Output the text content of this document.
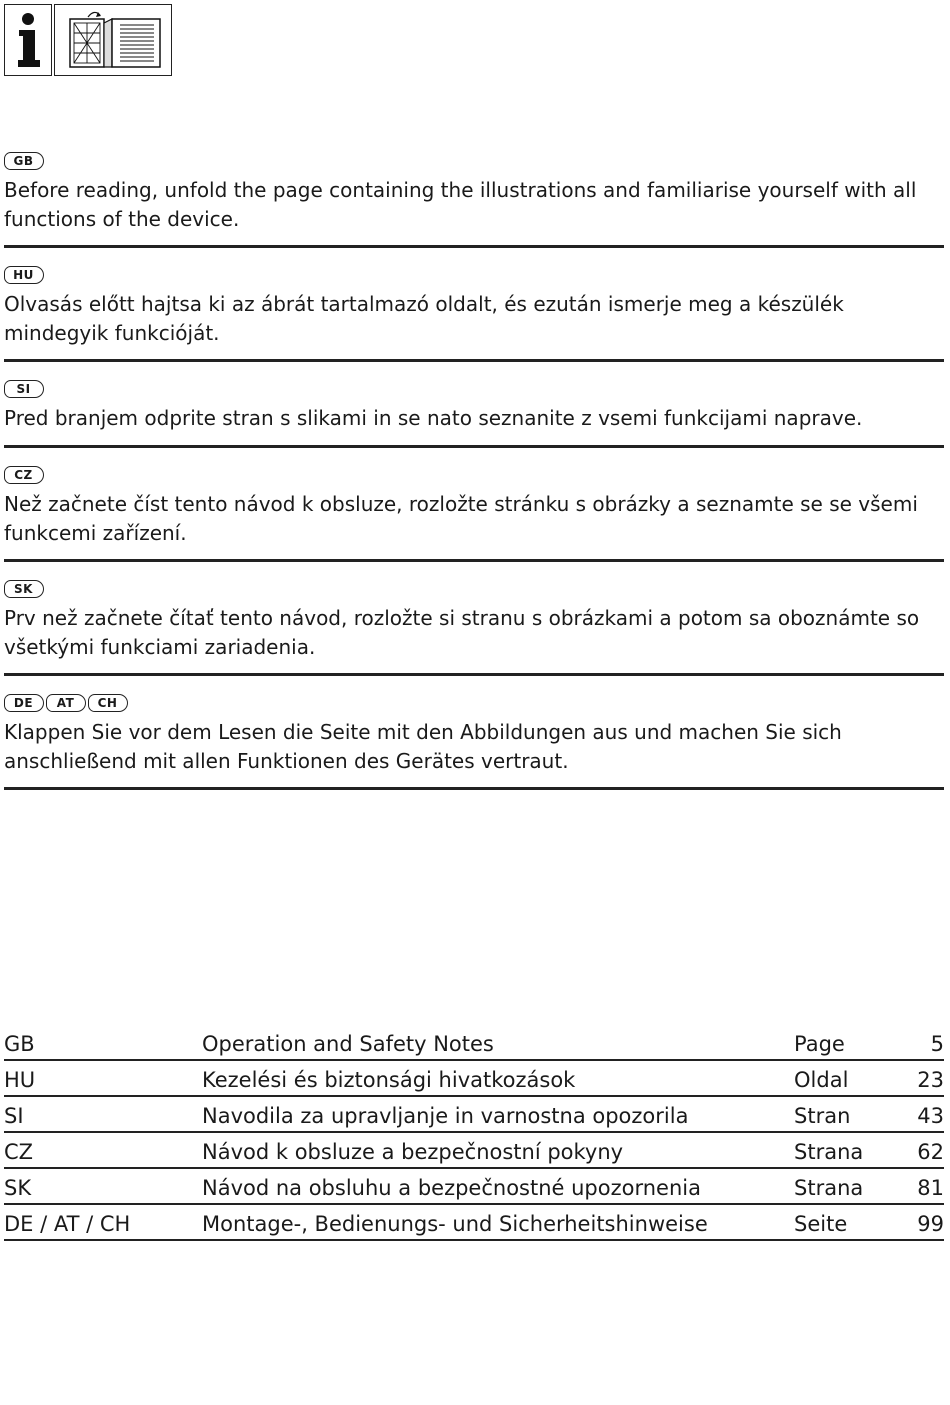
GB

Before reading, unfold the page containing the illustrations and familiarise yourself with all functions of the device.

HU

Olvasás előtt hajtsa ki az ábrát tartalmazó oldalt, és ezután ismerje meg a készülék mindegyik funkcióját.

SI

Pred branjem odprite stran s slikami in se nato seznanite z vsemi funkcijami naprave.

CZ

Než začnete číst tento návod k obsluze, rozložte stránku s obrázky a seznamte se se všemi funkcemi zařízení.

SK

Prv než začnete čítať tento návod, rozložte si stranu s obrázkami a potom sa oboznámte so všetkými funkciami zariadenia.

DE	AT	CH

Klappen Sie vor dem Lesen die Seite mit den Abbildungen aus und machen Sie sich anschließend mit allen Funktionen des Gerätes vertraut.

GB	Operation and Safety Notes	Page	5
HU	Kezelési és biztonsági hivatkozások	Oldal	23
SI	Navodila za upravljanje in varnostna opozorila	Stran	43
CZ	Návod k obsluze a bezpečnostní pokyny	Strana	62
SK	Návod na obsluhu a bezpečnostné upozornenia	Strana	81
DE / AT / CH	Montage-, Bedienungs- und Sicherheitshinweise	Seite	99
